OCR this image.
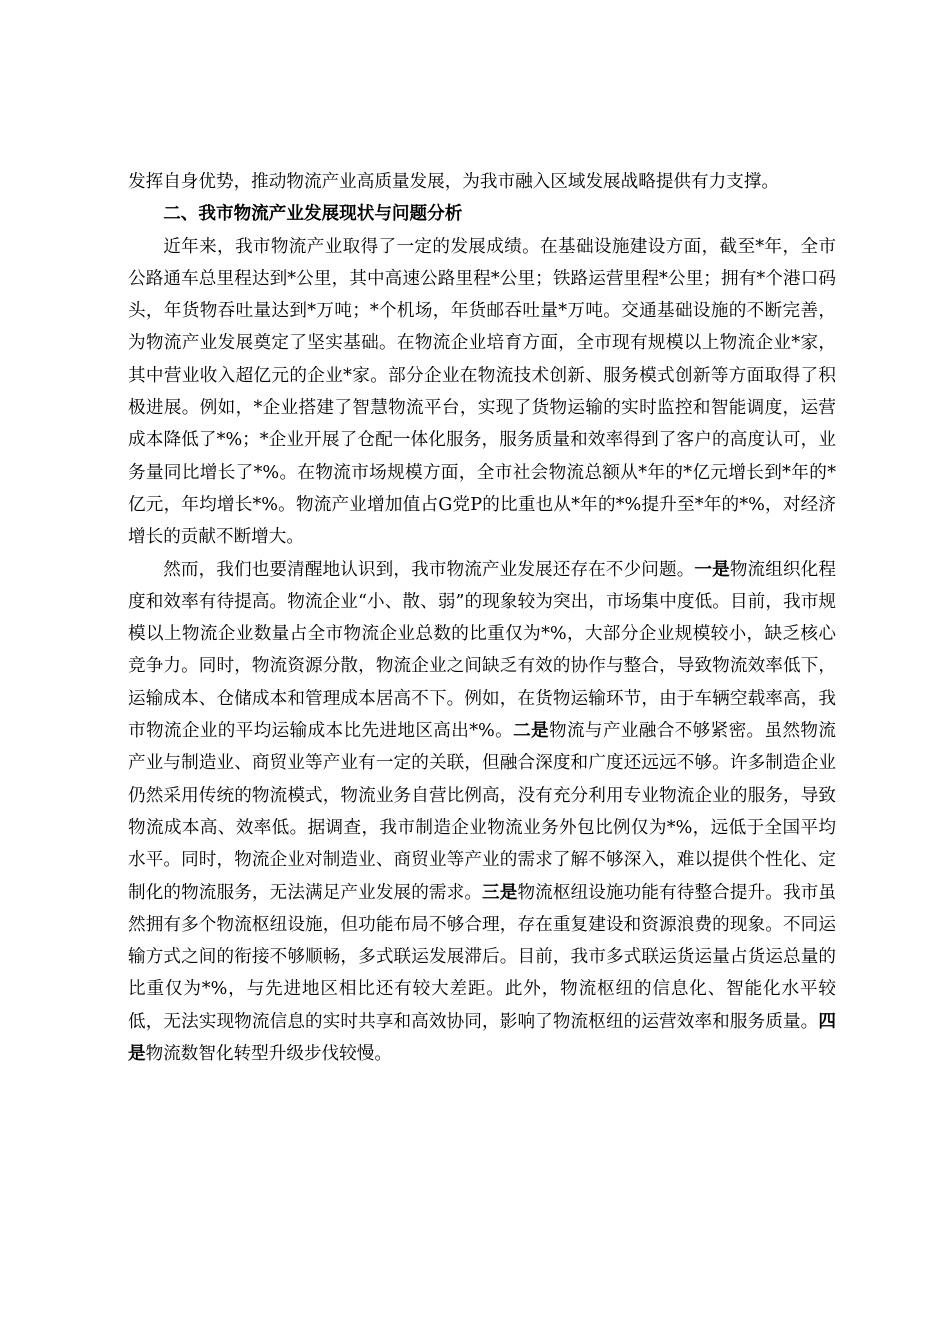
发挥自身优势，推动物流产业高质量发展，为我市融入区域发展战略提供有力支撑。

二、我市物流产业发展现状与问题分析

近年来，我市物流产业取得了一定的发展成绩。在基础设施建设方面，截至*年，全市公路通车总里程达到*公里，其中高速公路里程*公里；铁路运营里程*公里；拥有*个港口码头，年货物吞吐量达到*万吨；*个机场，年货邮吞吐量*万吨。交通基础设施的不断完善，为物流产业发展奠定了坚实基础。在物流企业培育方面，全市现有规模以上物流企业*家，其中营业收入超亿元的企业*家。部分企业在物流技术创新、服务模式创新等方面取得了积极进展。例如，*企业搭建了智慧物流平台，实现了货物运输的实时监控和智能调度，运营成本降低了*%；*企业开展了仓配一体化服务，服务质量和效率得到了客户的高度认可，业务量同比增长了*%。在物流市场规模方面，全市社会物流总额从*年的*亿元增长到*年的*亿元，年均增长*%。物流产业增加值占G党P的比重也从*年的*%提升至*年的*%，对经济增长的贡献不断增大。

然而，我们也要清醒地认识到，我市物流产业发展还存在不少问题。一是物流组织化程度和效率有待提高。物流企业“小、散、弱”的现象较为突出，市场集中度低。目前，我市规模以上物流企业数量占全市物流企业总数的比重仅为*%，大部分企业规模较小，缺乏核心竞争力。同时，物流资源分散，物流企业之间缺乏有效的协作与整合，导致物流效率低下，运输成本、仓储成本和管理成本居高不下。例如，在货物运输环节，由于车辆空载率高，我市物流企业的平均运输成本比先进地区高出*%。二是物流与产业融合不够紧密。虽然物流产业与制造业、商贸业等产业有一定的关联，但融合深度和广度还远远不够。许多制造企业仍然采用传统的物流模式，物流业务自营比例高，没有充分利用专业物流企业的服务，导致物流成本高、效率低。据调查，我市制造企业物流业务外包比例仅为*%，远低于全国平均水平。同时，物流企业对制造业、商贸业等产业的需求了解不够深入，难以提供个性化、定制化的物流服务，无法满足产业发展的需求。三是物流枢纽设施功能有待整合提升。我市虽然拥有多个物流枢纽设施，但功能布局不够合理，存在重复建设和资源浪费的现象。不同运输方式之间的衔接不够顺畅，多式联运发展滞后。目前，我市多式联运货运量占货运总量的比重仅为*%，与先进地区相比还有较大差距。此外，物流枢纽的信息化、智能化水平较低，无法实现物流信息的实时共享和高效协同，影响了物流枢纽的运营效率和服务质量。四是物流数智化转型升级步伐较慢。
